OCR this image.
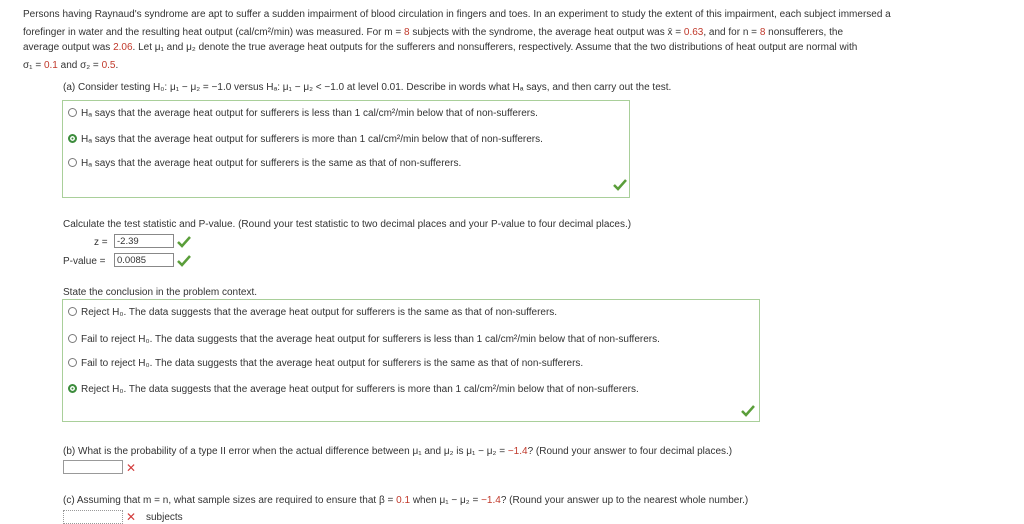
Persons having Raynaud's syndrome are apt to suffer a sudden impairment of blood circulation in fingers and toes. In an experiment to study the extent of this impairment, each subject immersed a
forefinger in water and the resulting heat output (cal/cm²/min) was measured. For m = 8 subjects with the syndrome, the average heat output was x̄ = 0.63, and for n = 8 nonsufferers, the
average output was 2.06. Let μ₁ and μ₂ denote the true average heat outputs for the sufferers and nonsufferers, respectively. Assume that the two distributions of heat output are normal with
σ₁ = 0.1 and σ₂ = 0.5.
(a) Consider testing H₀: μ₁ − μ₂ = −1.0 versus Hₐ: μ₁ − μ₂ < −1.0 at level 0.01. Describe in words what Hₐ says, and then carry out the test.
Hₐ says that the average heat output for sufferers is less than 1 cal/cm²/min below that of non-sufferers.
Hₐ says that the average heat output for sufferers is more than 1 cal/cm²/min below that of non-sufferers.
Hₐ says that the average heat output for sufferers is the same as that of non-sufferers.
Calculate the test statistic and P-value. (Round your test statistic to two decimal places and your P-value to four decimal places.)
z = -2.39
P-value =	0.0085
State the conclusion in the problem context.
Reject H₀. The data suggests that the average heat output for sufferers is the same as that of non-sufferers.
Fail to reject H₀. The data suggests that the average heat output for sufferers is less than 1 cal/cm²/min below that of non-sufferers.
Fail to reject H₀. The data suggests that the average heat output for sufferers is the same as that of non-sufferers.
Reject H₀. The data suggests that the average heat output for sufferers is more than 1 cal/cm²/min below that of non-sufferers.
(b) What is the probability of a type II error when the actual difference between μ₁ and μ₂ is μ₁ − μ₂ = −1.4? (Round your answer to four decimal places.)
✕
(c) Assuming that m = n, what sample sizes are required to ensure that β = 0.1 when μ₁ − μ₂ = −1.4? (Round your answer up to the nearest whole number.)
✕ subjects
